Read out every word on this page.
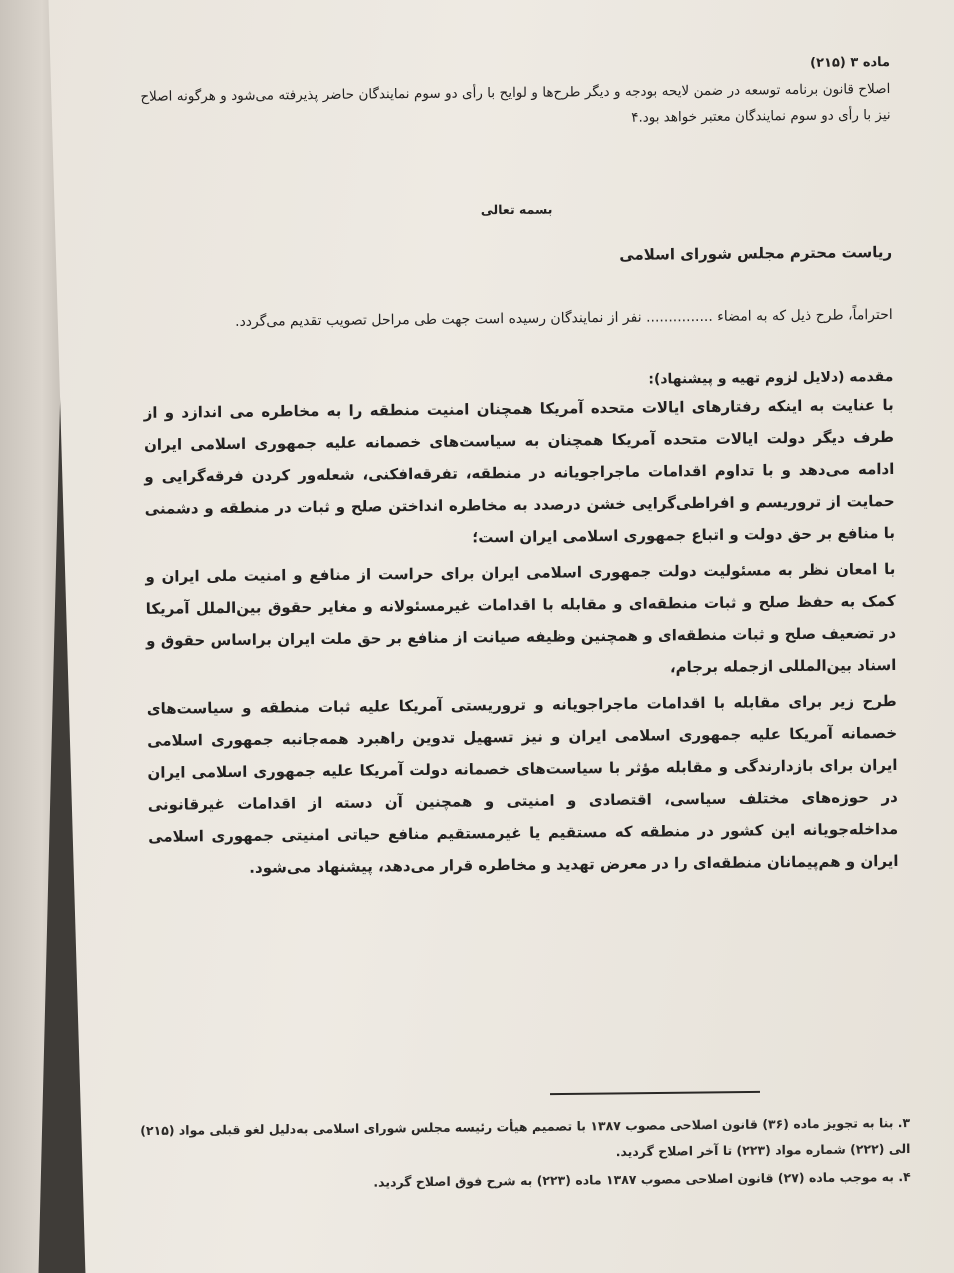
ماده ۳ (۲۱۵)

اصلاح قانون برنامه توسعه در ضمن لایحه بودجه و دیگر طرح‌ها و لوایح با رأی دو سوم نمایندگان حاضر پذیرفته می‌شود و هرگونه اصلاح نیز با رأی دو سوم نمایندگان معتبر خواهد بود.۴

بسمه تعالی

ریاست محترم مجلس شورای اسلامی

احتراماً، طرح ذیل که به امضاء ............... نفر از نمایندگان رسیده است جهت طی مراحل تصویب تقدیم می‌گردد.

مقدمه (دلایل لزوم تهیه و پیشنهاد):

با عنایت به اینکه رفتارهای ایالات متحده آمریکا همچنان امنیت منطقه را به مخاطره می اندازد و از طرف دیگر دولت ایالات متحده آمریکا همچنان به سیاست‌های خصمانه علیه جمهوری اسلامی ایران ادامه می‌دهد و با تداوم اقدامات ماجراجویانه در منطقه، تفرقه‌افکنی، شعله‌ور کردن فرقه‌گرایی و حمایت از تروریسم و افراطی‌گرایی خشن درصدد به مخاطره انداختن صلح و ثبات در منطقه و دشمنی با منافع بر حق دولت و اتباع جمهوری اسلامی ایران است؛

با امعان نظر به مسئولیت دولت جمهوری اسلامی ایران برای حراست از منافع و امنیت ملی ایران و کمک به حفظ صلح و ثبات منطقه‌ای و مقابله با اقدامات غیرمسئولانه و مغایر حقوق بین‌الملل آمریکا در تضعیف صلح و ثبات منطقه‌ای و همچنین وظیفه صیانت از منافع بر حق ملت ایران براساس حقوق و اسناد بین‌المللی ازجمله برجام،

طرح زیر برای مقابله با اقدامات ماجراجویانه و تروریستی آمریکا علیه ثبات منطقه و سیاست‌های خصمانه آمریکا علیه جمهوری اسلامی ایران و نیز تسهیل تدوین راهبرد همه‌جانبه جمهوری اسلامی ایران برای بازدارندگی و مقابله مؤثر با سیاست‌های خصمانه دولت آمریکا علیه جمهوری اسلامی ایران در حوزه‌های مختلف سیاسی، اقتصادی و امنیتی و همچنین آن دسته از اقدامات غیرقانونی مداخله‌جویانه این کشور در منطقه که مستقیم یا غیرمستقیم منافع حیاتی امنیتی جمهوری اسلامی ایران و هم‌پیمانان منطقه‌ای را در معرض تهدید و مخاطره قرار می‌دهد، پیشنهاد می‌شود.

۳. بنا به تجویز ماده (۳۶) قانون اصلاحی مصوب ۱۳۸۷ با تصمیم هیأت رئیسه مجلس شورای اسلامی به‌دلیل لغو قبلی مواد (۲۱۵) الی (۲۲۲) شماره مواد (۲۲۳) تا آخر اصلاح گردید.

۴. به موجب ماده (۲۷) قانون اصلاحی مصوب ۱۳۸۷ ماده (۲۲۳) به شرح فوق اصلاح گردید.
